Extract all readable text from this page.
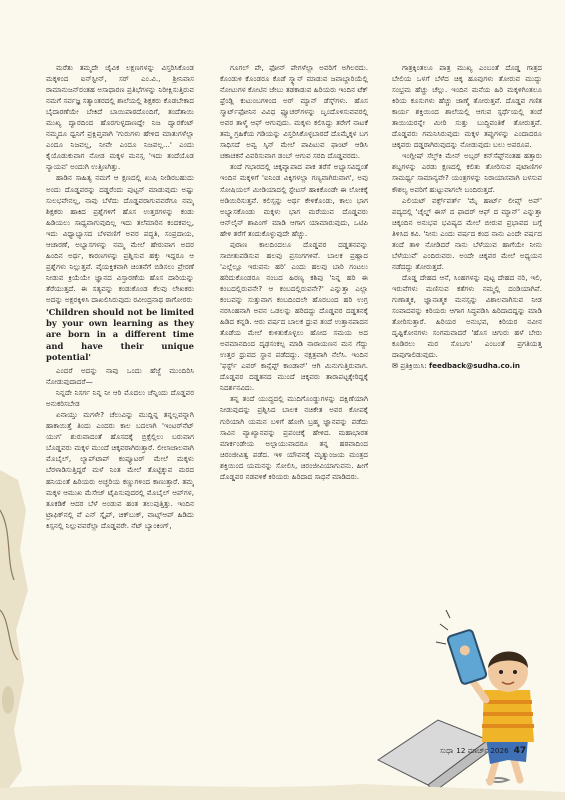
ಮರೆತು ತಮ್ಮದೇ ಜೈವಿಕ ಲಕ್ಷಣಗಳನ್ನು ವಿಸ್ತರಿಸಿಕೊಂಡ ಮಕ್ಕಳಿಂದ ಐನ್‌ಸ್ಟೀನ್, ಸರ್ ಎಂ.ವಿ., ಶ್ರೀನಿವಾಸ ರಾಮಾನುಜನ್‌ರಂತಹ ಅಸಾಧಾರಣ ಪ್ರತಿಭೆಗಳನ್ನು ನಿರೀಕ್ಷಿಸುತ್ತಿರುವ ನಮಗೆ ಸರ್ವಜ್ಞ ಸತ್ಯಾಂತರದಲ್ಲಿ ಶಾಲೆಯಲ್ಲಿ ಶಿಕ್ಷಕರು ಕೊಡಬೇಕಾದ ಬೈದಾರಣೆಯೇ ಬೇಕಿದೆ ಬಾಯಿಪಾಠದೊಂದಿಗೆ, ತಂದೆತಾಯಿ ಮುಖ್ಯ ದ್ವಾರದಿಂದ ಹೊರಗುಳ್ಳದಾಣದ್ದೇ ನಿಜ ದ್ವಾರಕೆಂಟ್ ನಮ್ಮದೂ ಧ್ವನಿಗೆ ಪ್ರಕ್ಷಿಪ್ತವಾಗಿ 'ಗುರುಗಳು ಹೇಳಿದ ಮಾತುಗಳೆಲ್ಲಾ ಎಂದೂ ನಿಜವಲ್ಲ, ನೀವೇ ಎಂದೂ ನಿಜವಲ್ಲ...' ಎಂದು ಕೈಯೊಡುಕುವಾಗ ನೋಡ ಮಕ್ಕಳ ಮನಸ್ಸ 'ಇದು ತಂದೆಯೊಡ ನ್ಯಾಯವ' ಅಂದುಗಿ ಉತ್ತಿಣಗಿತ್ತು.

ಹಾಡಿನ ಸಾಹಿತ್ಯ ನಮಗೆ ಆ ಕ್ಷಣದಲ್ಲಿ ಖುಷಿ ನೀಡಿರಬಹುದು ಅಂದು ದೊಡ್ಡವರನ್ನು ದಡ್ಡರೆಂದು ಪುಟ್ಟನ್ ಮಾಡುವುದು ಅಷ್ಟು ಸುಲಭವೇನಲ್ಲ, ನಾವು ಬೆಳೆದು ದೊಡ್ಡವರಾಗುವವರೆಗೂ ನಮ್ಮ ಶಿಕ್ಷಕರು ಹಾಕಿದ ಪ್ರಶ್ನೆಗಳಿಗೆ ಹೊಸ ಉತ್ತರಗಳನ್ನು ಕಂಡು ಹಿಡಿಯಲು ಸಾಧ್ಯವಾಗುವುದಿಲ್ಲ ಇದು ತಲೆಮಾರಿನ ಕಂದಕವಲ್ಲ, ಇದು ವಿಧ್ಯಾಭ್ಯಾಸದ ಬೆಳವಣಿಗೆ ಅವರ ಪದ್ಧತಿ, ಸಂಪ್ರದಾಯ, ಆಚಾರಣೆ, ಅಭ್ಯಾಸಗಳನ್ನು ನಮ್ಮ ಮೇಲೆ ಹೇರುವಾಗ ಅದರ ಹಿಂದಿನ ಅರ್ಥ, ಕಾರಣಗಳನ್ನು ಪ್ರಶ್ನಿಸುವ ಹಕ್ಕು ಇದ್ದರೂ ಆ ಪ್ರಶ್ನೆಗಳು ನಿಲ್ಲುತ್ತವೆ. ವೈಯಕ್ತಿಕವಾಗಿ ಚಿಂತನೆಗೆ ಬಿಡಿಸಲು ಪ್ರೇರಣೆ ನೀಡುವ ಕ್ರಿಯೆಯೇ ಜ್ಞಾನದ ವಿಸ್ತಾರಣೆಯ ಹೊಸ ದಾರಿಯನ್ನು ತೆರೆಯುತ್ತದೆ. ಈ ಸತ್ಯವನ್ನು ಕಂಡುಕೊಂಡ ಕೆಲವು ಲೇಖಕರು ಅದನ್ನು ಅಕ್ಷರಕ್ಕಿಳಿಸಿ ದಾಖಲಿಸಿರುವುದು ರವೀಂದ್ರನಾಥ ಠಾಗೋರರು

'Children should not be limited by your own learning as they are born in a different time and have their unique potential'

ಎಂದರೆ ಅದನ್ನು ನಾವು ಒಂದು ಹೆಜ್ಜೆ ಮುಂದಿರಿಸಿ ನೋಡುವುದಾದರೆ—

ನಿನ್ನದೇ ನಿಸರ್ಗ ನಿನ್ನ ನೀ ಆರಿ ಮೊದಲು ಚೆನ್ನಿಂದು ದೊಡ್ಡವರ ಅನುಕರಿಸಬೇಡ

ಏನಾಯ್ತು ಮಗಳೇ? ಚೆಲುವಿನ್ನು ಮುದ್ದಿನ್ನ ತನ್ನಲ್ಲವನ್ನಾಗಿ ಹಾಕಾಯಿತ್ತೆ ತಿಂದು ಎಂದರು ಕಾಲ ಬದಲಾಗಿ 'ಇಂಟರ್‌ನೆಟ್ ಯುಗ' ಶುರುವಾದಂತೆ ಹೊಸದಕ್ಕೆ ಬ್ರಿಕ್ಸೆಲ್ಲಿಲು ಬರುವಾಗ ಬೊಡ್ಡವರು ಮಕ್ಕಳ ಮುಂದೆ ಚಿಕ್ಕವರಾಗಿರುತ್ತಾರೆ. ಲೀಲಾಜಾಲವಾಗಿ ಮೊಬೈಲ್, ಲ್ಯಾಪ್‌ಟಾಪ್ ಕಂಪ್ಯೂಟರ್ ಮೇಲೆ ಮಕ್ಕಳು ಬೆರಳಾಡಿಸುತ್ತಿದ್ದರೆ ಮಳೆ ನಿಂತ ಮೇಲೆ ತೊಟ್ಟಿಕ್ಕುವ ಮರದ ಹನಿಯಂತೆ ಹಿರಿಯರು ಅಚ್ಚರಿಯ ಕಣ್ಣುಗಳಿಂದ ಕಾಣುತ್ತಾರೆ. ತಮ್ಮ ಮಕ್ಕಳ ಆಮುಖ ಮೆಸೇಜ್ ಟೈಪಿಸುವುದರಲ್ಲಿ ಮೊಬೈಲ್ ಆಪ್‌ಗಳ, ತೂಕಡಿಕೆ ಆದರ ಬೆಳೆ ಅಂಡುವ ಹಂತ ತಲುಪುತ್ತಿತ್ತು. ಇಂದಿನ ಟ್ರಾಫಿಕ್‌ನಲ್ಲಿ ವೆ ಎನ್ ಸ್ಕೈಪ್, ಚಿಕ್‌ಬುಕ್, ವಾಟ್ಸ್‌ಆಪ್ ಹಿಡಿದು ಕಿಸ್ಸನಲ್ಲಿ ನಿಲ್ಲುವವರೆಲ್ಲಾ ದೊಡ್ಡವರೇ. ನೆಟ್ ಬ್ಯಾಂಕಿಂಗ್,

ಗೂಗಲ್ ಪೇ, ಫೋನ್ ಪೇಗಳೆಲ್ಲಾ ಅವರಿಗೆ ಅಗಿಲರದು. ಕೊಂಡುಳಿ ಕೊಂಡರೂ ಕೊಡೆ ಸ್ಕ್ಯಾನ್ ಮಾಡುವ ಜವಾಬ್ದಾರಿಯೆಲ್ಲಿ ನೋಟುಗಳ ಕೋಟಿನ ಜೇಬು ತಡಕಾಡುವ ಹಿರಿಯರು ಇಂದಿನ ಟೆಕ್ ಫ್ರೆಂಡ್ಲಿ ಕುಟುಂಬಗಳಿಂದ ಅರ್ ಮ್ಯಾನ್ ಡೆಸ್ಕ್‌ಗಳು. ಹೊಸ ಸ್ಮಾರ್ಟ್‌ಫೋನಿನ ವಿವಿಧ ಫ್ಯೂಚರ್‌ಗಳನ್ನು ಬೃಂದೊಳಿಸುವವರಲ್ಲಿ ಅವರ ತಾಳ್ಮೆ ಆಫ್ ಆಗುವುದು. ಮಕ್ಕಳು ಕಲಿಸಿದ್ದು ತರೇಗೆ ನಾಟಕೆ ತಮ್ಮ ಗ್ರಹಿಕೆಯ ಗಡಿಯನ್ನು ವಿಸ್ತರಿಸಿಕೊಳ್ಳಬಾರದೆ ದೊಮ್ಮೆಕ್ಕಳ ಬಗ ಸಾಧಿಸದೆ ಅವ್ವ ಸ್ಕಿನ್ ಮೇಲೆ ಪಾಪಿಟುವ ಫಾಂಟ್ ಆಡಿಸಿ ಚಕಾಚಕನೆ ವಿವರಿಸುವಾಗ ಡಂಬ್ ಆಗುವ ಸರದಿ ದೊಡ್ಡವರದು.

ತಂದೆ ಗಭಾರದಲ್ಲಿ ಚಿಕ್ಕವ್ಯಾಪಾದ ಪಾಕ ತರೆಸೆ ಅಭ್ಯಾಸವಿದ್ದಂತೆ ಇಂದಿನ ಮಕ್ಕಳಿಗೆ 'ಐನಿಂಡ ವಿಕ್ಕಿಗಳಲ್ಲಾ ಗಣ್ಯವಾಗಿರುವಾಗ', ಅವು ಸೋಷಿಯಲ್ ಮೀಡಿಯಾದಲ್ಲಿ ಸ್ಟೇಟಸ್ ಹಾಕಿಕೊಂಡೇ ಈ ಲೋಕಕ್ಕೆ ಅಡಿಯಿರಿಸುತ್ತವೆ. ಕಲಿಸ್ಸನ್ನು ಅರ್ಥ ಕೇಳಿಕೊಂಡು, ಕಾಲು ಭಾಗ ಅಭ್ಯಾಸಕೊಂಡು ಮಕ್ಕಳು ಭಾಗ ಮರೆಯುವ ದೊಡ್ಡವರು ಆನ್‌ಲೈನ್ ಶಾಪಿಂಗ್ ಮಾಡಿ ಆಗಾಗ ಯಾಮಾರುವುದು, ಒಟಿಪಿ ಹೇಳಿ ತರೆಗೆ ತಂದುಕೊಳ್ಳುವುದೇ ಹೆಚ್ಚು.

ಪುರಾಣ ಕಾಲದಿಂದಲೂ ದೊಡ್ಡವರ ದಡ್ಡತನವನ್ನು ಸಾಬೀತುಪಡಿಸುವ ಹಲವು ಪ್ರಸಂಗಗಳಿವೆ. ಬಾಲಕ ಪ್ರಹ್ಲಾದ 'ಎಲ್ಲೆಲ್ಲೂ ಇರುವನು ಹರಿ' ಎಂದು ಹಲವು ಬಾರಿ ಗಂಟಲು ಹರಿದುಕೊಂಡರೂ ನಂಬದ ಹಿರಣ್ಯ ಕಶಿಪು 'ನಿನ್ನ ಹರಿ ಈ ಕಂಬದಲ್ಲಿರುವನೇ? ಆ ಕಂಬದಲ್ಲಿರುವನೇ?' ಎನ್ನುತ್ತಾ ಎಲ್ಲಾ ಕಂಬವನ್ನು ಸುತ್ತುವಾಗ ಕಂಬದಿಂದಲೇ ಹೊರಬಂದ ಹರಿ ಉಗ್ರ ನರಸಿಂಹನಾಗಿ ಅವನ ಒಡಲನ್ನು ಹರಿದದ್ದು ದೊಡ್ಡವರ ದಡ್ಡತನಕ್ಕೆ ಹಿಡಿದ ಕನ್ನಡಿ. ಆರು ವರ್ಷದ ಬಾಲಕ ಧ್ರುವ ತಂದೆ ಉತ್ತಾನಪಾದನ ತೊಡೆಯ ಮೇಲೆ ಕುಳಿತುಕೊಳ್ಳಲು ಹೋದ ಸಮಯ ಅದ ಅವಮಾನದಿಂದ ದೃಢಸಂಕಲ್ಪ ಮಾಡಿ ನಾರಾಯಣನ ಮನ ಗೆದ್ದು ಉತ್ತರ ಧ್ರುವದ ಸ್ಥಾನ ಪಡೆದದ್ದು. ನಕ್ಷತ್ರವಾಗಿ ನೆಲೆಸಿ. ಇಂದಿನ 'ಫರ್ಸ್ಟ್ ಎವರ್ ಕಾನ್ಸೆಪ್ಟ್ ಕಾಂಡಾನ್' ಆಗಿ ಮಿನುಗುತ್ತಿರುವಾಗ. ದೊಡ್ಡವರ ದಡ್ಡತನದ ಮುಂದೆ ಚಿಕ್ಕವರು ತಾರಾಪಟ್ಟಕ್ಕೇರಿದ್ದಕ್ಕೆ ನಿದರ್ಶನವಿದು.

ತನ್ನ ತಂದೆ ಯುದ್ಧದಲ್ಲಿ ಮುದಿಗೊಂಡ್ಡುಗಳನ್ನು ದಕ್ಷಿಣೆಯಾಗಿ ನೀಡುವುದನ್ನು ಪ್ರಶ್ನಿಸಿದ ಬಾಲಕ ನಚಿಕೇತ ಅವರ ಕೋಪಕ್ಕೆ ಗುರಿಯಾಗಿ ಯಮನ ಬಳಿಗೆ ಹೋಗಿ ಬ್ರಹ್ಮ ಜ್ಞಾನವನ್ನು ಪಡೆದು ಸಾವಿನ ವ್ಯಾಖ್ಯಾನವನ್ನು ಪ್ರಪಂಚಕ್ಕೆ ಹೇಳಿದ. ಮಹಾಭಾರತ ಮಾರ್ಕಂಡೇಯ ಅಲ್ಪಾಯುವಾದರೂ ತನ್ನ ಹಠವಾದಿಂದ ಚಿರಂಜೀವಿತ್ವ ಪಡೆದ. ಇಳಿ ಯೌವನಕ್ಕೆ ಮೃತ್ಯುಂಜಯ ಮಂತ್ರದ ಶಕ್ತಿಯಿಂದ ಯಮನನ್ನು ಸೋಲಿಸಿ, ಚಿರಂಜೀವಿಯಾಗುವನು. ಹೀಗೆ ದೊಡ್ಡವರ ನಡವಳಿಕೆ ಕಿರಿಯರು ಹಿರಿದಾದ ಸಾಧನೆ ಮಾಡಿದರು.

ಗಾತ್ರಕ್ಕಿಂತಲೂ ಪಾತ್ರ ಮುಖ್ಯ ಎಂಬಂತೆ ದೊಡ್ಡ ಗಾತ್ರದ ಬೇಲಿಯ ಒಳಗೆ ಬೆಳೆದ ಚಿಕ್ಕ ಹೂವುಗಳು ತೋರುವ ಮುದ್ದು ಸಂಭ್ರಮ ಹೆಚ್ಚು ಚೆಲ್ಲು. ಇಂದಿನ ಮನೆಯ ಹಿರಿ ಮಕ್ಕಳಿಗಿಂತಲೂ ಕಿರಿಯ ಕೂಸುಗಳು ಹೆಚ್ಚು ಜಾಣ್ಮೆ ತೋರುತ್ತವೆ. ದೊಡ್ಡವ ಗಣಿತ ಕಾರ್ಯ ಶಕ್ತಿಯಿಂದ ಶಾಲೆಯಲ್ಲಿ ಆಗುವ ಸ್ಪರ್ಧೆಯಲ್ಲಿ ತಂದೆ ತಾಯಿಯರನ್ನೇ ಮೀರಿ ಸುತ್ತು ಬುದ್ಧಿವಂತಿಕೆ ತೋರುತ್ತವೆ. ದೊಡ್ಡವರು ಗಮನಿಸಿರುವುದು ಮಕ್ಕಳ ತಪ್ಪುಗಳನ್ನು ಎಂದಾದರೂ ಚಿಕ್ಕವರು ದಡ್ಡರಾಗಿರುವುದನ್ನು ನೋಡುವುದು ಬಲು ಅಪರೂಪ.

ಇಂಗ್ಲೀಷ್ ಸೆಲ್ಫ್‌ಕಿ ಮೇನ್ ಅಬ್ಸರ್ ಕನ್‌ಸೆಪ್ಟ್‌ನಂತಹ ಹತ್ತಾರು ಶಬ್ದಗಳನ್ನು ಎರಡು ಕ್ಷಣದಲ್ಲಿ ಕಲಿತು ತೋರಿಸುವ ಪುಟಾಣಿಗಳ ಸಾಮರ್ಥ್ಯ ಸಾಮಾನ್ಯವೇ? ಯಂತ್ರಗಳನ್ನು ನಿರಾಯಾಸವಾಗಿ ಬಳಸುವ ಕೌಶಲ್ಯ ಅವರಿಗೆ ಹುಟ್ಟುವಾಗಲೇ ಬಂದಿರುತ್ತದೆ.

ಎಲಿಯಟ್ ವರ್ಕ್ಸ್‌ವರ್ತ್ 'ಮೈ ಹಾರ್ಟ್ ಲೀಪ್ಸ್ ಅಪ್' ಪದ್ಯದಲ್ಲಿ 'ಚೈಲ್ಡ್ ಈಸ್ ದ ಫಾದರ್ ಆಫ್ ದ ಮ್ಯಾನ್' ಎನ್ನುತ್ತಾ ಚಿಕ್ಕಂದಿನ ಅನುಭವ ಭವಿಷ್ಯದ ಮೇಲೆ ಬೀರುವ ಪ್ರಭಾವದ ಬಗ್ಗೆ ತಿಳಿಸಿದ ಕವಿ. 'ನೀನು ಎಂದು ವರ್ಷದ ಕಂದ ನಾನು ಎಂದೇ ವರ್ಷದ ತಂದೆ ತಾಳಿ ನೋಡಿದರೆ ನಾನು ಬೆಳೆಯುವ ಹಾಗೆಯೇ ನೀನು ಬೆಳೆಯುವೆ' ಎಂದಿರುವರು. ಅಂದೇ ಚಿಕ್ಕವರ ಮೇಲೆ ಅಧ್ಯಯನ ನಡೆದದ್ದು ತೋರುತ್ತದೆ.

ದೊಡ್ಡ ದೇಹದ ಆನೆ, ಸಿಂಹಗಳನ್ನು ಪುಟ್ಟ ದೇಹದ ನರಿ, ಇಲಿ, ಇರುವೆಗಳು ಮಣಿಸುವ ಕತೆಗಳು ನಮ್ಮಲ್ಲಿ ದಂಡಿಯಾಗಿವೆ. ಗುಣಾತ್ಮಕ, ಜ್ಞಾನಾತ್ಮಕ ಮನಸ್ಸನ್ನು ವಿಶಾಲವಾಗಿಸುವ ನೀಡ ಸಂವಾದವನ್ನು ಕಿರಿಯರು ಆಗಾಗ ಸಿದ್ಧಪಡಿಸಿ ಹಿರಿದಾದದ್ದನ್ನು ಮಾಡಿ ತೋರಿಸುತ್ತಾರೆ. ಹಿರಿಯರ ಅನುಭವ, ಕಿರಿಯರ ನವೀನ ದೃಷ್ಟಿಕೋನಗಳು ಸಂಗಮವಾದರೆ 'ಹೊಸ ಚಿಗುರು ಹಳೆ ಬೇರು ಕೂಡಿರಲು ಮರ ಸೊಬಗು' ಎಂಬಂತೆ ಪ್ರಗತಿಯತ್ತ ದಾಪುಗಾಲಿಡುವುದು.

✉ ಪ್ರತಿಕ್ರಿಯಿಸಿ: feedback@sudha.co.in

ಸುಧಾ 12 ಮಾರ್ಚ್ 2026 47
